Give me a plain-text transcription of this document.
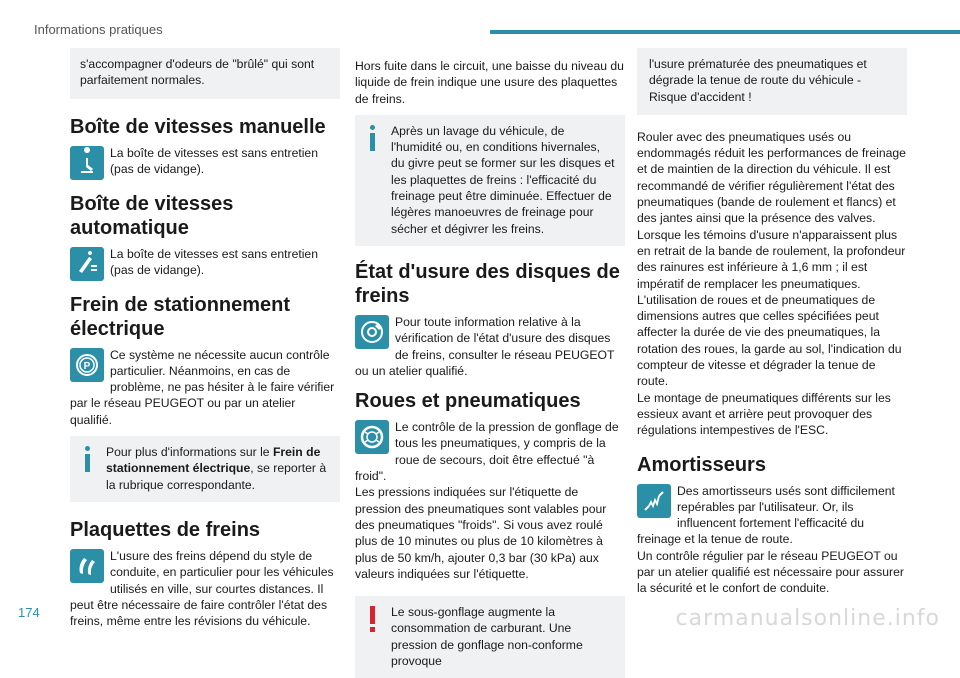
Informations pratiques
s'accompagner d'odeurs de "brûlé" qui sont parfaitement normales.
Boîte de vitesses manuelle
La boîte de vitesses est sans entretien (pas de vidange).
Boîte de vitesses automatique
La boîte de vitesses est sans entretien (pas de vidange).
Frein de stationnement électrique
P
Ce système ne nécessite aucun contrôle particulier. Néanmoins, en cas de problème, ne pas hésiter à le faire vérifier par le réseau PEUGEOT ou par un atelier qualifié.
Pour plus d'informations sur le Frein de stationnement électrique, se reporter à la rubrique correspondante.
Plaquettes de freins
L'usure des freins dépend du style de conduite, en particulier pour les véhicules utilisés en ville, sur courtes distances. Il peut être nécessaire de faire contrôler l'état des freins, même entre les révisions du véhicule.
Hors fuite dans le circuit, une baisse du niveau du liquide de frein indique une usure des plaquettes de freins.
Après un lavage du véhicule, de l'humidité ou, en conditions hivernales, du givre peut se former sur les disques et les plaquettes de freins : l'efficacité du freinage peut être diminuée. Effectuer de légères manoeuvres de freinage pour sécher et dégivrer les freins.
État d'usure des disques de freins
Pour toute information relative à la vérification de l'état d'usure des disques de freins, consulter le réseau PEUGEOT ou un atelier qualifié.
Roues et pneumatiques
Le contrôle de la pression de gonflage de tous les pneumatiques, y compris de la roue de secours, doit être effectué "à froid".
Les pressions indiquées sur l'étiquette de pression des pneumatiques sont valables pour des pneumatiques "froids". Si vous avez roulé plus de 10 minutes ou plus de 10 kilomètres à plus de 50 km/h, ajouter 0,3 bar (30 kPa) aux valeurs indiquées sur l'étiquette.
Le sous-gonflage augmente la consommation de carburant. Une pression de gonflage non-conforme provoque
l'usure prématurée des pneumatiques et dégrade la tenue de route du véhicule - Risque d'accident !
Rouler avec des pneumatiques usés ou endommagés réduit les performances de freinage et de maintien de la direction du véhicule. Il est recommandé de vérifier régulièrement l'état des pneumatiques (bande de roulement et flancs) et des jantes ainsi que la présence des valves.
Lorsque les témoins d'usure n'apparaissent plus en retrait de la bande de roulement, la profondeur des rainures est inférieure à 1,6 mm ; il est impératif de remplacer les pneumatiques.
L'utilisation de roues et de pneumatiques de dimensions autres que celles spécifiées peut affecter la durée de vie des pneumatiques, la rotation des roues, la garde au sol, l'indication du compteur de vitesse et dégrader la tenue de route.
Le montage de pneumatiques différents sur les essieux avant et arrière peut provoquer des régulations intempestives de l'ESC.
Amortisseurs
Des amortisseurs usés sont difficilement repérables par l'utilisateur. Or, ils influencent fortement l'efficacité du freinage et la tenue de route.
Un contrôle régulier par le réseau PEUGEOT ou par un atelier qualifié est nécessaire pour assurer la sécurité et le confort de conduite.
174	carmanualsonline.info
